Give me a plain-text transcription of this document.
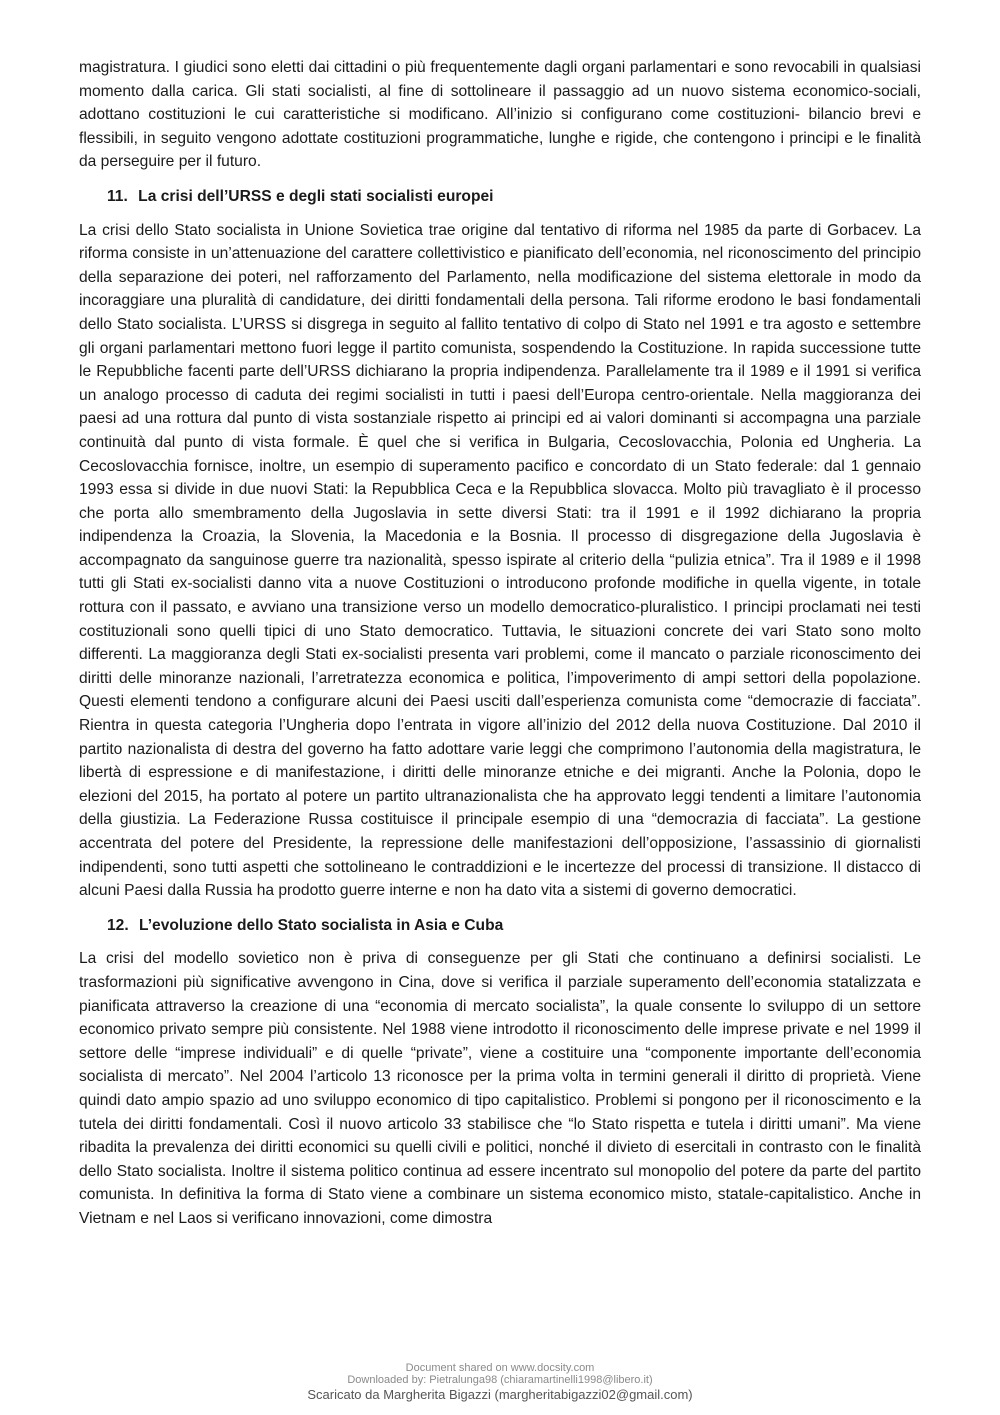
magistratura. I giudici sono eletti dai cittadini o più frequentemente dagli organi parlamentari e sono revocabili in qualsiasi momento dalla carica. Gli stati socialisti, al fine di sottolineare il passaggio ad un nuovo sistema economico-sociali, adottano costituzioni le cui caratteristiche si modificano. All’inizio si configurano come costituzioni- bilancio brevi e flessibili, in seguito vengono adottate costituzioni programmatiche, lunghe e rigide, che contengono i principi e le finalità da perseguire per il futuro.

11. La crisi dell’URSS e degli stati socialisti europei

La crisi dello Stato socialista in Unione Sovietica trae origine dal tentativo di riforma nel 1985 da parte di Gorbacev. La riforma consiste in un’attenuazione del carattere collettivistico e pianificato dell’economia, nel riconoscimento del principio della separazione dei poteri, nel rafforzamento del Parlamento, nella modificazione del sistema elettorale in modo da incoraggiare una pluralità di candidature, dei diritti fondamentali della persona. Tali riforme erodono le basi fondamentali dello Stato socialista. L’URSS si disgrega in seguito al fallito tentativo di colpo di Stato nel 1991 e tra agosto e settembre gli organi parlamentari mettono fuori legge il partito comunista, sospendendo la Costituzione. In rapida successione tutte le Repubbliche facenti parte dell’URSS dichiarano la propria indipendenza. Parallelamente tra il 1989 e il 1991 si verifica un analogo processo di caduta dei regimi socialisti in tutti i paesi dell’Europa centro-orientale. Nella maggioranza dei paesi ad una rottura dal punto di vista sostanziale rispetto ai principi ed ai valori dominanti si accompagna una parziale continuità dal punto di vista formale. È quel che si verifica in Bulgaria, Cecoslovacchia, Polonia ed Ungheria. La Cecoslovacchia fornisce, inoltre, un esempio di superamento pacifico e concordato di un Stato federale: dal 1 gennaio 1993 essa si divide in due nuovi Stati: la Repubblica Ceca e la Repubblica slovacca. Molto più travagliato è il processo che porta allo smembramento della Jugoslavia in sette diversi Stati: tra il 1991 e il 1992 dichiarano la propria indipendenza la Croazia, la Slovenia, la Macedonia e la Bosnia. Il processo di disgregazione della Jugoslavia è accompagnato da sanguinose guerre tra nazionalità, spesso ispirate al criterio della “pulizia etnica”. Tra il 1989 e il 1998 tutti gli Stati ex-socialisti danno vita a nuove Costituzioni o introducono profonde modifiche in quella vigente, in totale rottura con il passato, e avviano una transizione verso un modello democratico-pluralistico. I principi proclamati nei testi costituzionali sono quelli tipici di uno Stato democratico. Tuttavia, le situazioni concrete dei vari Stato sono molto differenti. La maggioranza degli Stati ex-socialisti presenta vari problemi, come il mancato o parziale riconoscimento dei diritti delle minoranze nazionali, l’arretratezza economica e politica, l’impoverimento di ampi settori della popolazione. Questi elementi tendono a configurare alcuni dei Paesi usciti dall’esperienza comunista come “democrazie di facciata”. Rientra in questa categoria l’Ungheria dopo l’entrata in vigore all’inizio del 2012 della nuova Costituzione. Dal 2010 il partito nazionalista di destra del governo ha fatto adottare varie leggi che comprimono l’autonomia della magistratura, le libertà di espressione e di manifestazione, i diritti delle minoranze etniche e dei migranti. Anche la Polonia, dopo le elezioni del 2015, ha portato al potere un partito ultranazionalista che ha approvato leggi tendenti a limitare l’autonomia della giustizia. La Federazione Russa costituisce il principale esempio di una “democrazia di facciata”. La gestione accentrata del potere del Presidente, la repressione delle manifestazioni dell’opposizione, l’assassinio di giornalisti indipendenti, sono tutti aspetti che sottolineano le contraddizioni e le incertezze del processi di transizione. Il distacco di alcuni Paesi dalla Russia ha prodotto guerre interne e non ha dato vita a sistemi di governo democratici.

12. L’evoluzione dello Stato socialista in Asia e Cuba

La crisi del modello sovietico non è priva di conseguenze per gli Stati che continuano a definirsi socialisti. Le trasformazioni più significative avvengono in Cina, dove si verifica il parziale superamento dell’economia statalizzata e pianificata attraverso la creazione di una “economia di mercato socialista”, la quale consente lo sviluppo di un settore economico privato sempre più consistente. Nel 1988 viene introdotto il riconoscimento delle imprese private e nel 1999 il settore delle “imprese individuali” e di quelle “private”, viene a costituire una “componente importante dell’economia socialista di mercato”. Nel 2004 l’articolo 13 riconosce per la prima volta in termini generali il diritto di proprietà. Viene quindi dato ampio spazio ad uno sviluppo economico di tipo capitalistico. Problemi si pongono per il riconoscimento e la tutela dei diritti fondamentali. Così il nuovo articolo 33 stabilisce che “lo Stato rispetta e tutela i diritti umani”. Ma viene ribadita la prevalenza dei diritti economici su quelli civili e politici, nonché il divieto di esercitali in contrasto con le finalità dello Stato socialista. Inoltre il sistema politico continua ad essere incentrato sul monopolio del potere da parte del partito comunista. In definitiva la forma di Stato viene a combinare un sistema economico misto, statale-capitalistico. Anche in Vietnam e nel Laos si verificano innovazioni, come dimostra

Document shared on www.docsity.com
Downloaded by: Pietralunga98 (chiaramartinelli1998@libero.it)
Scaricato da Margherita Bigazzi (margheritabigazzi02@gmail.com)
